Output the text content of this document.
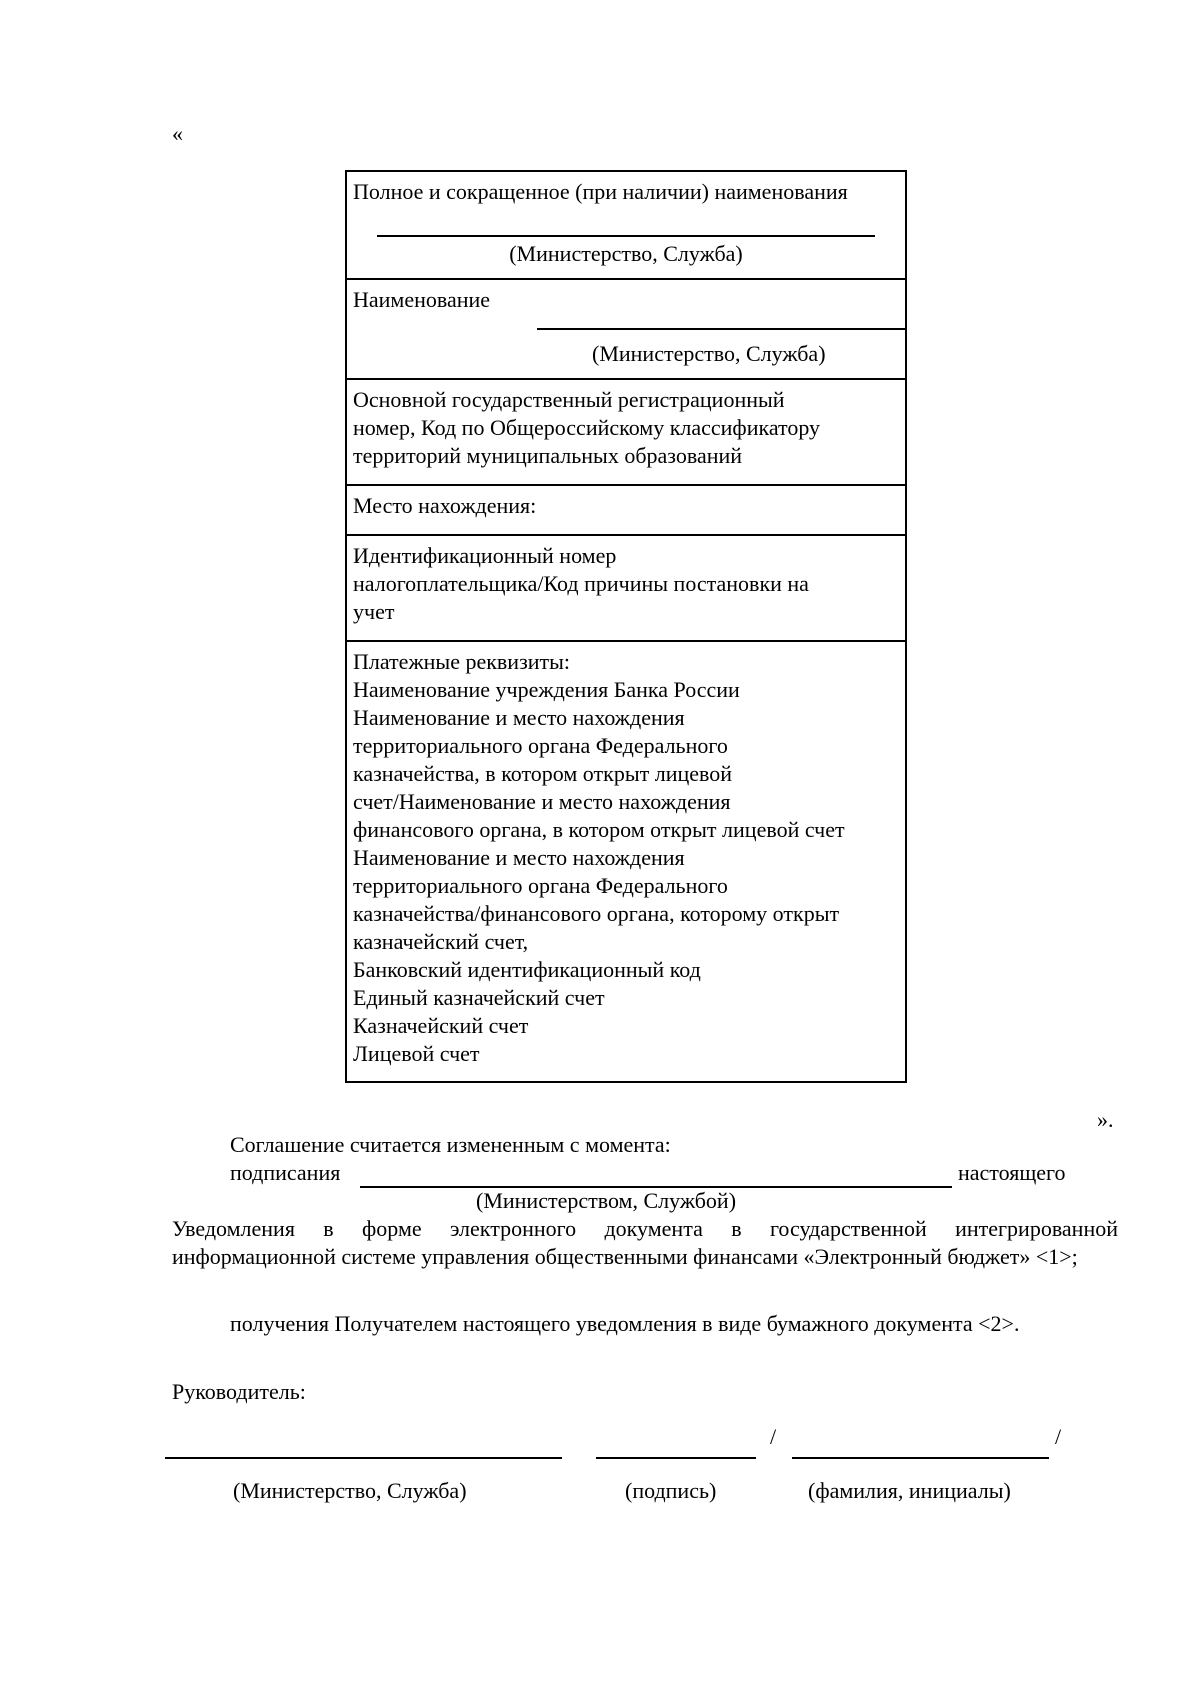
«

Полное и сокращенное (при наличии) наименования

(Министерство, Служба)

Наименование

(Министерство, Служба)

Основной государственный регистрационный

номер, Код по Общероссийскому классификатору

территорий муниципальных образований

Место нахождения:

Идентификационный номер

налогоплательщика/Код причины постановки на

учет

Платежные реквизиты:

Наименование учреждения Банка России

Наименование и место нахождения

территориального органа Федерального

казначейства, в котором открыт лицевой

счет/Наименование и место нахождения

финансового органа, в котором открыт лицевой счет

Наименование и место нахождения

территориального органа Федерального

казначейства/финансового органа, которому открыт

казначейский счет,

Банковский идентификационный код

Единый казначейский счет

Казначейский счет

Лицевой счет

».
Соглашение считается измененным с момента:
подписания	настоящего
(Министерством, Службой)
Уведомления в форме электронного документа в государственной интегрированной информационной системе управления общественными финансами «Электронный бюджет» <1>;
получения Получателем настоящего уведомления в виде бумажного документа <2>.
Руководитель:
/	/
(Министерство, Служба)	(подпись)	(фамилия, инициалы)
